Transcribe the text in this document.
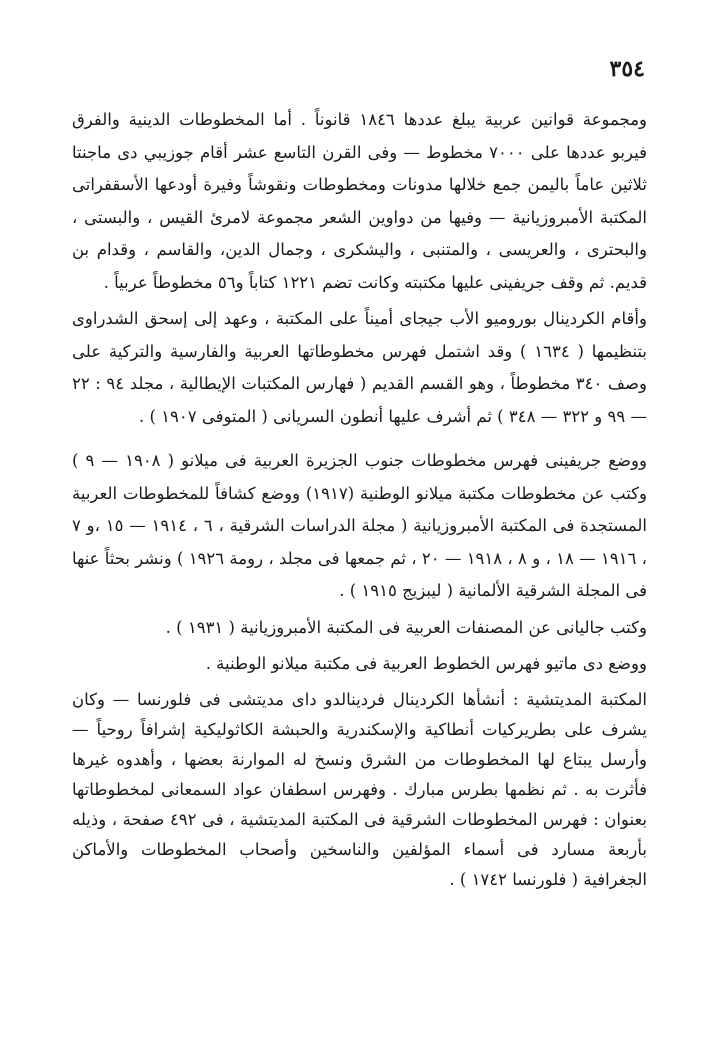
٣٥٤

ومجموعة قوانين عربية يبلغ عددها ١٨٤٦ قانوناً . أما المخطوطات الدينية والفرق فيربو عددها على ٧٠٠٠ مخطوط — وفى القرن التاسع عشر أقام جوزيبي دى ماجنتا ثلاثين عاماً باليمن جمع خلالها مدونات ومخطوطات ونقوشاً وفيرة أودعها الأسقفراتى المكتبة الأمبروزيانية — وفيها من دواوين الشعر مجموعة لامرئ القيس ، والبستى ، والبحترى ، والعريسى ، والمتنبى ، واليشكرى ، وجمال الدين، والقاسم ، وقدام بن قديم. ثم وقف جريفينى عليها مكتبته وكانت تضم ١٢٢١ كتاباً و٥٦ مخطوطاً عربياً .

وأقام الكردينال بوروميو الأب جيجاى أميناً على المكتبة ، وعهد إلى إسحق الشدراوى بتنظيمها ( ١٦٣٤ ) وقد اشتمل فهرس مخطوطاتها العربية والفارسية والتركية على وصف ٣٤٠ مخطوطاً ، وهو القسم القديم ( فهارس المكتبات الإيطالية ، مجلد ٩٤ : ٢٢ — ٩٩ و ٣٢٢ — ٣٤٨ ) ثم أشرف عليها أنطون السريانى ( المتوفى ١٩٠٧ ) .

ووضع جريفينى فهرس مخطوطات جنوب الجزيرة العربية فى ميلانو ( ١٩٠٨ — ٩ ) وكتب عن مخطوطات مكتبة ميلانو الوطنية (١٩١٧) ووضع كشافاً للمخطوطات العربية المستجدة فى المكتبة الأمبروزيانية ( مجلة الدراسات الشرقية ، ٦ ، ١٩١٤ — ١٥ ،و ٧ ، ١٩١٦ — ١٨ ، و ٨ ، ١٩١٨ — ٢٠ ، ثم جمعها فى مجلد ، رومة ١٩٢٦ ) ونشر بحثاً عنها فى المجلة الشرقية الألمانية ( ليبزيج ١٩١٥ ) .

وكتب جاليانى عن المصنفات العربية فى المكتبة الأمبروزيانية ( ١٩٣١ ) .

ووضع دى ماتيو فهرس الخطوط العربية فى مكتبة ميلانو الوطنية .

المكتبة المديتشية : أنشأها الكردينال فردينالدو داى مديتشى فى فلورنسا — وكان يشرف على بطريركيات أنطاكية والإسكندرية والحبشة الكاثوليكية إشرافاً روحياً — وأرسل يبتاع لها المخطوطات من الشرق ونسخ له الموارنة بعضها ، وأهدوه غيرها فأثرت به . ثم نظمها بطرس مبارك . وفهرس اسطفان عواد السمعانى لمخطوطاتها بعنوان : فهرس المخطوطات الشرقية فى المكتبة المديتشية ، فى ٤٩٢ صفحة ، وذيله بأربعة مسارد فى أسماء المؤلفين والناسخين وأصحاب المخطوطات والأماكن الجغرافية ( فلورنسا ١٧٤٢ ) .
